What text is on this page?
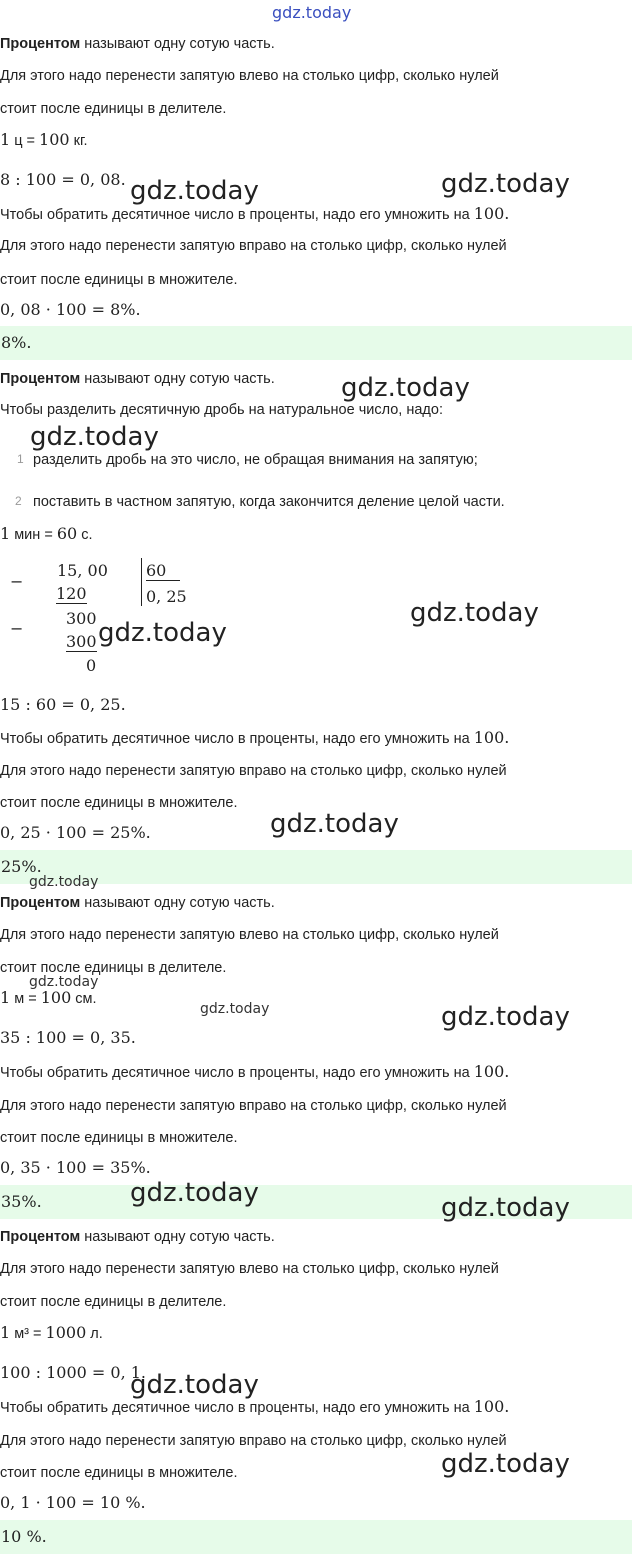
gdz.today
Процентом называют одну сотую часть.
Для этого надо перенести запятую влево на столько цифр, сколько нулей
стоит после единицы в делителе.
1 ц = 100 кг.
8 : 100 = 0, 08.
Чтобы обратить десятичное число в проценты, надо его умножить на 100.
Для этого надо перенести запятую вправо на столько цифр, сколько нулей
стоит после единицы в множителе.
0, 08 · 100 = 8%.
8%.
Процентом называют одну сотую часть.
Чтобы разделить десятичную дробь на натуральное число, надо:
1 разделить дробь на это число, не обращая внимания на запятую;
2 поставить в частном запятую, когда закончится деление целой части.
1 мин = 60 с.
−
15, 00 60
120	0, 25
−
300
300
0
15 : 60 = 0, 25.
Чтобы обратить десятичное число в проценты, надо его умножить на 100.
Для этого надо перенести запятую вправо на столько цифр, сколько нулей
стоит после единицы в множителе.
0, 25 · 100 = 25%.
25%.
Процентом называют одну сотую часть.
Для этого надо перенести запятую влево на столько цифр, сколько нулей
стоит после единицы в делителе.
1 м = 100 см.
35 : 100 = 0, 35.
Чтобы обратить десятичное число в проценты, надо его умножить на 100.
Для этого надо перенести запятую вправо на столько цифр, сколько нулей
стоит после единицы в множителе.
0, 35 · 100 = 35%.
35%.
Процентом называют одну сотую часть.
Для этого надо перенести запятую влево на столько цифр, сколько нулей
стоит после единицы в делителе.
1 м³ = 1000 л.
100 : 1000 = 0, 1.
Чтобы обратить десятичное число в проценты, надо его умножить на 100.
Для этого надо перенести запятую вправо на столько цифр, сколько нулей
стоит после единицы в множителе.
0, 1 · 100 = 10 %.
10 %.
gdz.today	gdz.today
gdz.today
gdz.today
gdz.today
gdz.today
gdz.today
gdz.today
gdz.today
gdz.today	gdz.today
gdz.today	gdz.today
gdz.today
gdz.today
